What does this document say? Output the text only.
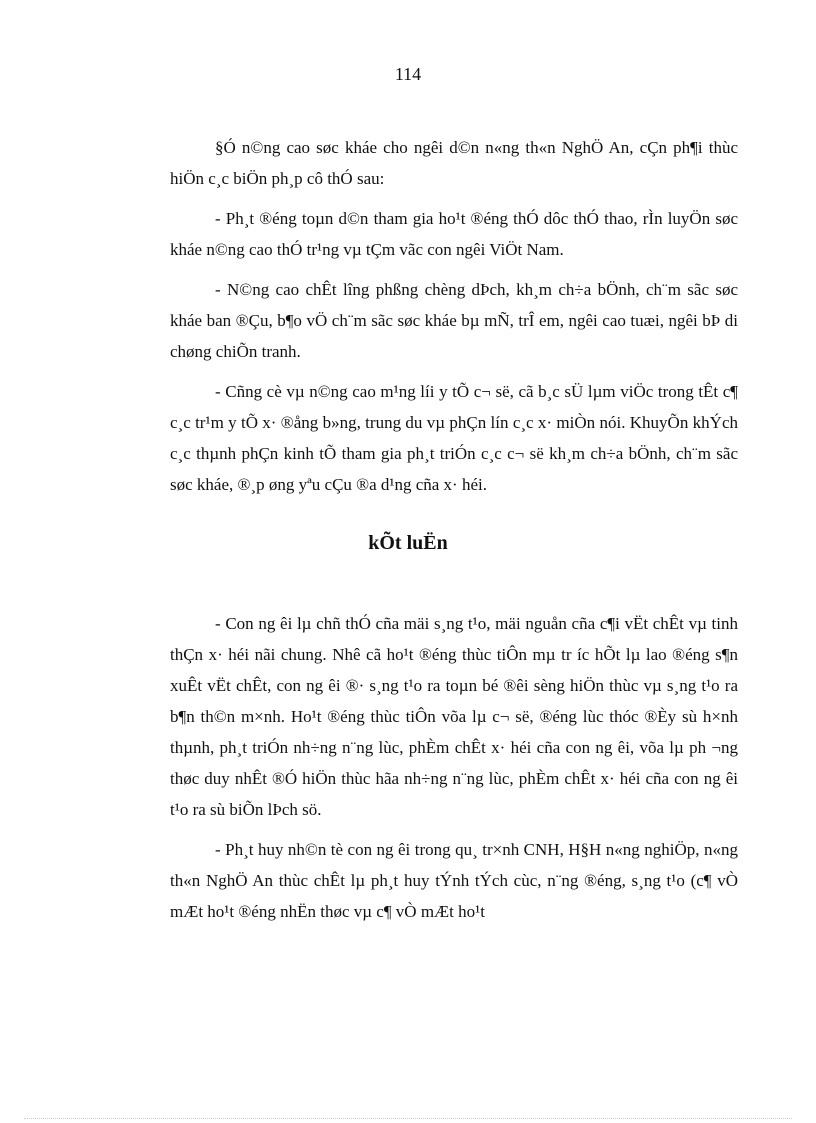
114

§Ó n©ng cao søc kháe cho ngêi d©n n«ng th«n NghÖ An, cÇn ph¶i thùc hiÖn c¸c biÖn ph¸p cô thÓ sau:

- Ph¸t ®éng toµn d©n tham gia ho¹t ®éng thÓ dôc thÓ thao, rÌn luyÖn søc kháe n©ng cao thÓ tr¹ng vµ tÇm vãc con ngêi ViÖt Nam.

- N©ng cao chÊt lîng phßng chèng dÞch, kh¸m ch÷a bÖnh, ch¨m sãc søc kháe ban ®Çu, b¶o vÖ ch¨m sãc søc kháe bµ mÑ, trÎ em, ngêi cao tuæi, ngêi bÞ di chøng chiÕn tranh.

- Cñng cè vµ n©ng cao m¹ng líi y tÕ c¬ së, cã b¸c sÜ lµm viÖc trong tÊt c¶ c¸c tr¹m y tÕ x· ®ång b»ng, trung du vµ phÇn lín c¸c x· miÒn nói. KhuyÕn khÝch c¸c thµnh phÇn kinh tÕ tham gia ph¸t triÓn c¸c c¬ së kh¸m ch÷a bÖnh, ch¨m sãc søc kháe, ®¸p øng yªu cÇu ®a d¹ng cña x· héi.

kÕt luËn

- Con ng êi lµ chñ thÓ cña mäi s¸ng t¹o, mäi nguån cña c¶i vËt chÊt vµ tinh thÇn x· héi nãi chung. Nhê cã ho¹t ®éng thùc tiÔn mµ tr íc hÕt lµ lao ®éng s¶n xuÊt vËt chÊt, con ng êi ®· s¸ng t¹o ra toµn bé ®êi sèng hiÖn thùc vµ s¸ng t¹o ra b¶n th©n m×nh. Ho¹t ®éng thùc tiÔn võa lµ c¬ së, ®éng lùc thóc ®Èy sù h×nh thµnh, ph¸t triÓn nh÷ng n¨ng lùc, phÈm chÊt x· héi cña con ng êi, võa lµ ph ¬ng thøc duy nhÊt ®Ó hiÖn thùc hãa nh÷ng n¨ng lùc, phÈm chÊt x· héi cña con ng êi t¹o ra sù biÕn lÞch sö.

- Ph¸t huy nh©n tè con ng êi trong qu¸ tr×nh CNH, H§H n«ng nghiÖp, n«ng th«n NghÖ An thùc chÊt lµ ph¸t huy tÝnh tÝch cùc, n¨ng ®éng, s¸ng t¹o (c¶ vÒ mÆt ho¹t ®éng nhËn thøc vµ c¶ vÒ mÆt ho¹t
